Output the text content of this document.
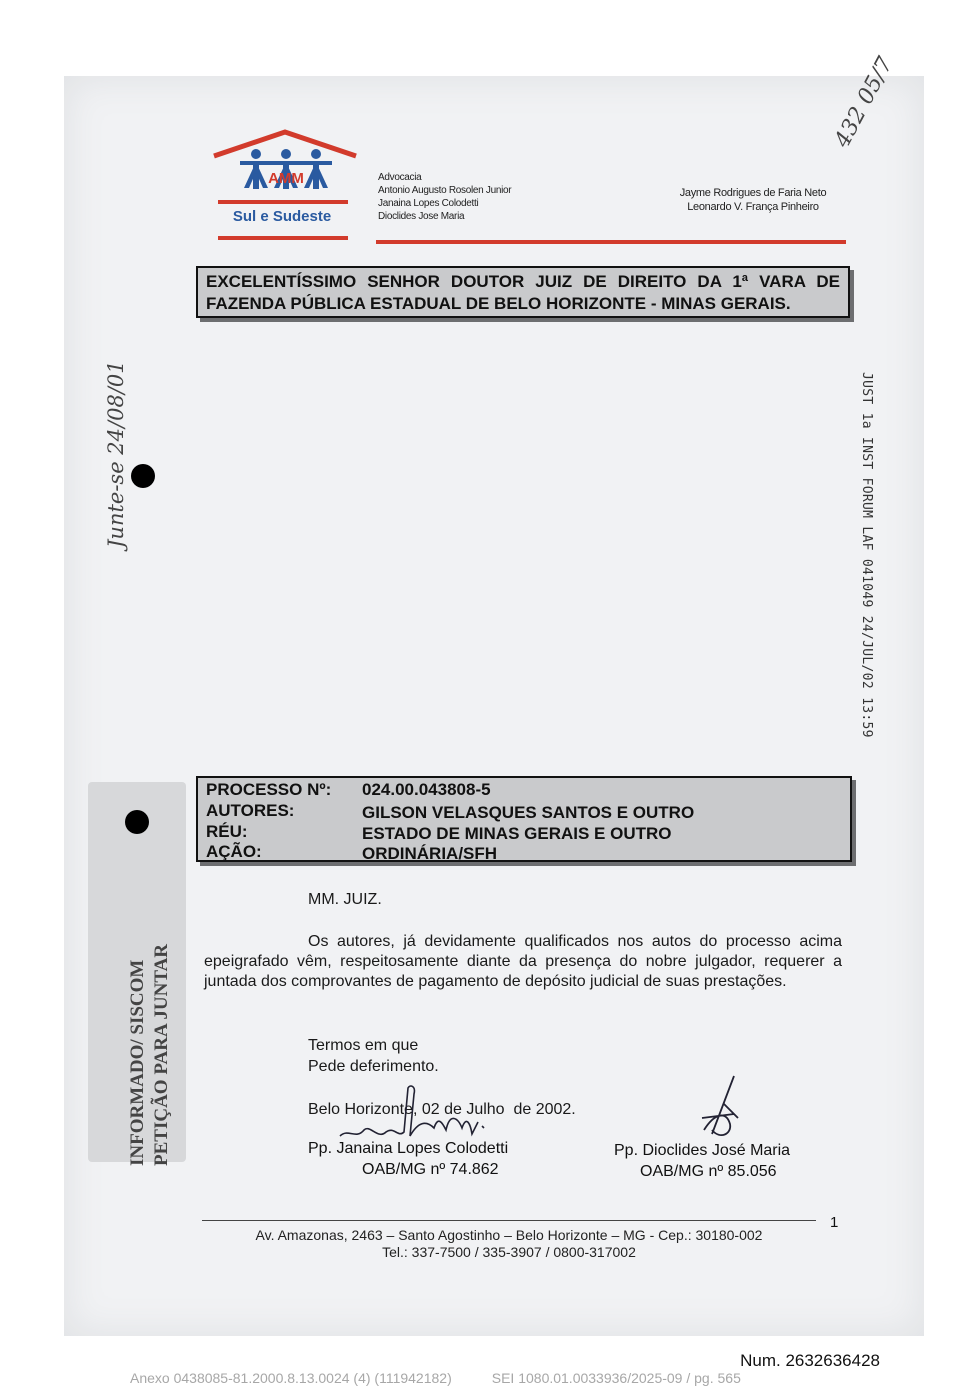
AMM
Sul e Sudeste
Advocacia
Antonio Augusto Rosolen Junior
Janaina Lopes Colodetti
Dioclides Jose Maria
Jayme Rodrigues de Faria Neto
Leonardo V. França Pinheiro
432 05/7
EXCELENTÍSSIMO SENHOR DOUTOR JUIZ DE DIREITO DA 1ª VARA DE FAZENDA PÚBLICA ESTADUAL DE BELO HORIZONTE - MINAS GERAIS.
JUST 1a INST FORUM LAF 041049 24/JUL/02 13:59
Junte-se 24/08/01
INFORMADO/ SISCOM PETIÇÃO PARA JUNTAR
PROCESSO Nº: 024.00.043808-5
AUTORES:	GILSON VELASQUES SANTOS E OUTRO
RÉU:	ESTADO DE MINAS GERAIS E OUTRO
AÇÃO:	ORDINÁRIA/SFH
MM. JUIZ.
Os autores, já devidamente qualificados nos autos do processo acima epeigrafado vêm, respeitosamente diante da presença do nobre julgador, requerer a juntada dos comprovantes de pagamento de depósito judicial de suas prestações.
Termos em que
Pede deferimento.
Belo Horizonte, 02 de Julho  de 2002.
Pp. Janaina Lopes Colodetti
OAB/MG nº 74.862
Pp. Dioclides José Maria
OAB/MG nº 85.056
1
Av. Amazonas, 2463 – Santo Agostinho – Belo Horizonte – MG - Cep.: 30180-002
Tel.: 337-7500 / 335-3907 / 0800-317002
Num. 2632636428
Anexo 0438085-81.2000.8.13.0024 (4) (111942182)	SEI 1080.01.0033936/2025-09 / pg. 565
